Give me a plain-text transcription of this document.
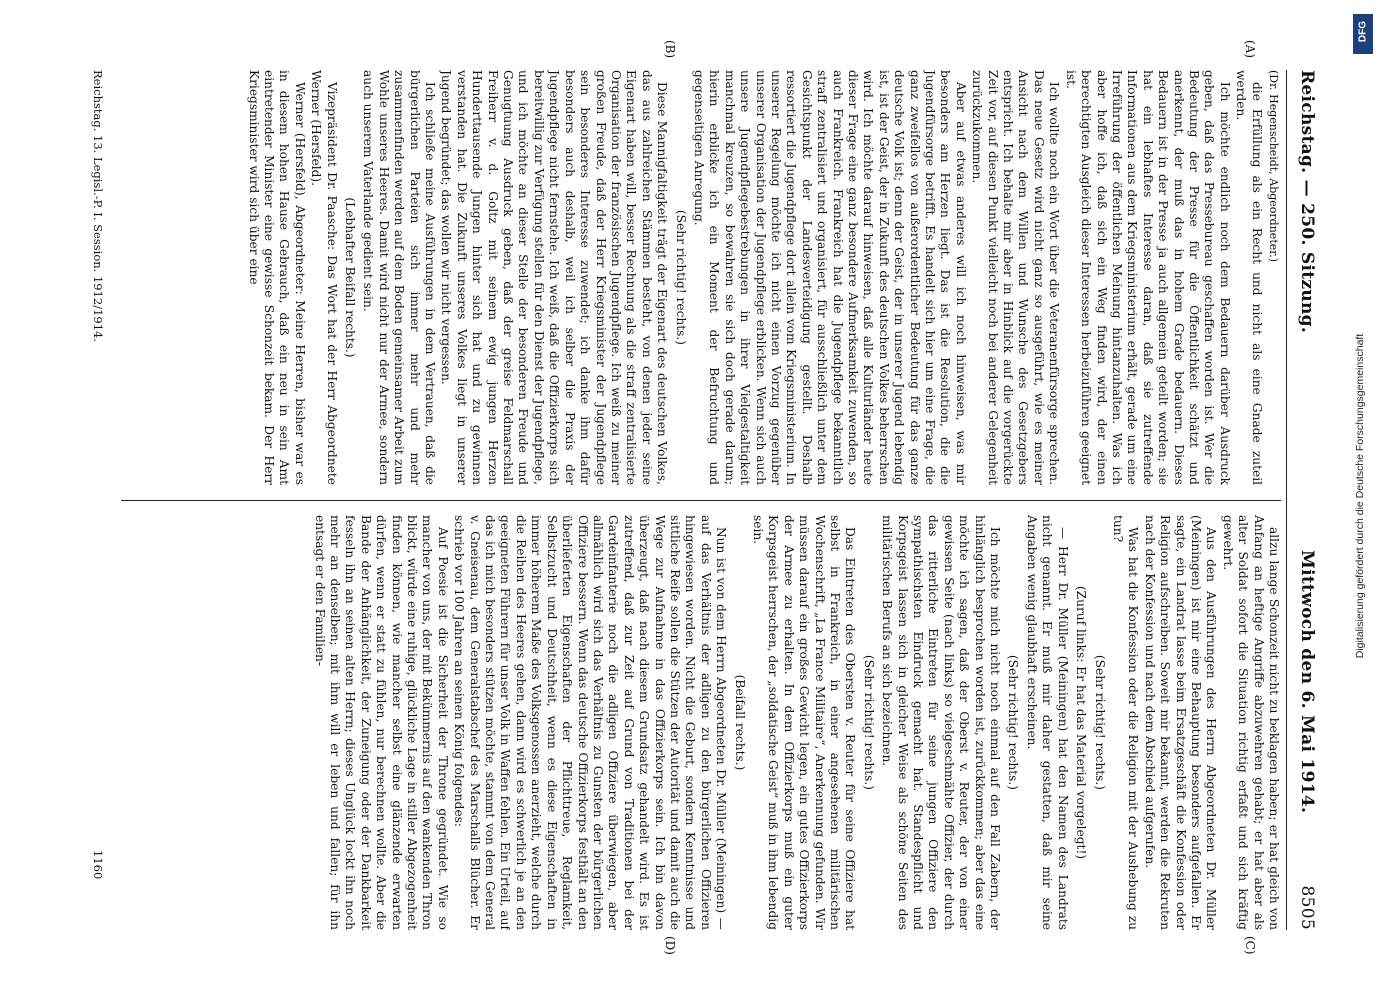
Reichstag. — 250. Sitzung.
Mittwoch den 6. Mai 1914.
8505
(A)
(B)
(C)
(D)
(Dr. Hegenscheidt, Abgeordneter.)

die Erfüllung als ein Recht und nicht als eine Gnade zuteil werden.

Ich möchte endlich noch dem Bedauern darüber Ausdruck geben, daß das Pressebureau geschaffen worden ist. Wer die Bedeutung der Presse für die Öffentlichkeit schätzt und anerkennt, der muß das in hohem Grade bedauern. Dieses Bedauern ist in der Presse ja auch allgemein geteilt worden; sie hat ein lebhaftes Interesse daran, daß sie zutreffende Informationen aus dem Kriegsministerium erhält, gerade um eine Irreführung der öffentlichen Meinung hintanzuhalten. Was ich aber hoffe ich, daß sich ein Weg finden wird, der einen berechtigten Ausgleich dieser Interessen herbeizuführen geeignet ist.

Ich wollte noch ein Wort über die Veteranenfürsorge sprechen. Das neue Gesetz wird nicht ganz so ausgeführt, wie es meiner Ansicht nach dem Willen und Wunsche des Gesetzgebers entspricht. Ich behalte mir aber in Hinblick auf die vorgerückte Zeit vor, auf diesen Punkt vielleicht noch bei anderer Gelegenheit zurückzukommen.

Aber auf etwas anderes will ich noch hinweisen, was mir besonders am Herzen liegt. Das ist die Resolution, die die Jugendfürsorge betrifft. Es handelt sich hier um eine Frage, die ganz zweifellos von außerordentlicher Bedeutung für das ganze deutsche Volk ist; denn der Geist, der in unserer Jugend lebendig ist, ist der Geist, der in Zukunft des deutschen Volkes beherrschen wird. Ich möchte darauf hinweisen, daß alle Kulturländer heute dieser Frage eine ganz besondere Aufmerksamkeit zuwenden, so auch Frankreich. Frankreich hat die Jugendpflege bekanntlich straff zentralisiert und organisiert, für ausschließlich unter dem Gesichtspunkt der Landesverteidigung gestellt. Deshalb ressortiert die Jugendpflege dort allein vom Kriegsministerium. In unserer Regelung möchte ich nicht einen Vorzug gegenüber unserer Organisation der Jugendpflege erblicken. Wenn sich auch unsere Jugendpflegebestrebungen in ihrer Vielgestaltigkeit manchmal kreuzen, so bewahren sie sich doch gerade darum; hierin erblicke ich ein Moment der Befruchtung und gegenseitigen Anregung.

(Sehr richtig! rechts.)

Diese Mannigfaltigkeit trägt der Eigenart des deutschen Volkes, das aus zahlreichen Stämmen besteht, von denen jeder seine Eigenart haben will, besser Rechnung als die straff zentralisierte Organisation der französischen Jugendpflege. Ich weiß zu meiner großen Freude, daß der Herr Kriegsminister der Jugendpflege sein besonderes Interesse zuwendet; ich danke ihm dafür besonders auch deshalb, weil ich selber die Praxis der Jugendpflege nicht fernstehe. Ich weiß, daß die Offizierkorps sich bereitwillig zur Verfügung stellen für den Dienst der Jugendpflege, und ich möchte an dieser Stelle der besonderen Freude und Genugtuung Ausdruck geben, daß der greise Feldmarschall Freiherr v. d. Goltz mit seinem ewig jungen Herzen Hunderttausende Jungen hinter sich hat und zu gewinnen verstanden hat. Die Zukunft unseres Volkes liegt in unserer Jugend begründet; das wollen wir nicht vergessen.

Ich schließe meine Ausführungen in dem Vertrauen, daß die bürgerlichen Parteien sich immer mehr und mehr zusammenfinden werden auf dem Boden gemeinsamer Arbeit zum Wohle unseres Heeres. Damit wird nicht nur der Armee, sondern auch unserem Vaterlande gedient sein.

(Lebhafter Beifall rechts.)

Vizepräsident Dr. Paasche: Das Wort hat der Herr Abgeordnete Werner (Hersfeld).

Werner (Hersfeld), Abgeordneter: Meine Herren, bisher war es in diesem hohen Hause Gebrauch, daß ein neu in sein Amt eintretender Minister eine gewisse Schonzeit bekam. Der Herr Kriegsminister wird sich über eine

allzu lange Schonzeit nicht zu beklagen haben; er hat gleich von Anfang an heftige Angriffe abzuwehren gehabt; er hat aber als alter Soldat sofort die Situation richtig erfaßt und sich kräftig gewehrt.

Aus den Ausführungen des Herrn Abgeordneten Dr. Müller (Meiningen) ist mir eine Behauptung besonders aufgefallen. Er sagte, ein Landrat lasse beim Ersatzgeschäft die Konfession oder Religion aufschreiben. Soweit mir bekannt, werden die Rekruten nach der Konfession und nach dem Abschied aufgerufen.

Was hat die Konfession oder die Religion mit der Aushebung zu tun?

(Sehr richtig! rechts.)

(Zuruf links: Er hat das Material vorgelegt!)

— Herr Dr. Müller (Meiningen) hat den Namen des Landrats nicht genannt. Er muß mir daher gestatten, daß mir seine Angaben wenig glaubhaft erscheinen.

(Sehr richtig! rechts.)

Ich möchte mich nicht noch einmal auf den Fall Zabern, der hinlänglich besprochen worden ist, zurückkommen; aber das eine möchte ich sagen, daß der Oberst v. Reuter, der von einer gewissen Seite (nach links) so vielgeschmähte Offizier, der durch das ritterliche Eintreten für seine jungen Offiziere den sympathischsten Eindruck gemacht hat. Standespflicht und Korpsgeist lassen sich in gleicher Weise als schöne Seiten des militärischen Berufs an sich bezeichnen.

(Sehr richtig! rechts.)

Das Eintreten des Obersten v. Reuter für seine Offiziere hat selbst in Frankreich, in einer angesehenen militärischen Wochenschrift, „La France Militaire“, Anerkennung gefunden. Wir müssen darauf ein großes Gewicht legen, ein gutes Offizierkorps der Armee zu erhalten. In dem Offizierkorps muß ein guter Korpsgeist herrschen, der „soldatische Geist“ muß in ihm lebendig sein.

(Beifall rechts.)

Nun ist von dem Herrn Abgeordneten Dr. Müller (Meiningen) — auf das Verhältnis der adligen zu den bürgerlichen Offizieren hingewiesen worden. Nicht die Geburt, sondern Kenntnisse und sittliche Reife sollen die Stützen der Autorität und damit auch die Wege zur Aufnahme in das Offizierkorps sein. Ich bin davon überzeugt, daß nach diesem Grundsatz gehandelt wird. Es ist zutreffend, daß zur Zeit auf Grund von Traditionen bei der Gardeinfanterie noch die adligen Offiziere überwiegen, aber allmählich wird sich das Verhältnis zu Gunsten der bürgerlichen Offiziere bessern. Wenn das deutsche Offizierkorps festhält an den überlieferten Eigenschaften der Pflichttreue, Reglamkeit, Selbstzucht und Deutschheit, wenn es diese Eigenschaften in immer höherem Maße des Volksgenossen anerzieht, welche durch die Reihen des Heeres gehen, dann wird es schwerlich je an den geeigneten Führern für unser Volk in Waffen fehlen. Ein Urteil, auf das ich mich besonders stützen möchte, stammt von dem General v. Gneisenau, dem Generalstabschef des Marschalls Blücher. Er schrieb vor 100 Jahren an seinen König folgendes:

Auf Poesie ist die Sicherheit der Throne gegründet. Wie so mancher von uns, der mit Bekümmernis auf den wankenden Thron blickt, würde eine ruhige, glückliche Lage in stiller Abgezogenheit finden können, wie mancher selbst eine glänzende erwarten dürfen, wenn er statt zu fühlen, nur berechnen wollte. Aber die Bande der Anhänglichkeit, der Zuneigung oder der Dankbarkeit fesseln ihn an seinen alten Herrn; dieses Unglück lockt ihn noch mehr an denselben; mit ihm will er leben und fallen; für ihn entsagt er den Familien-

Reichstag. 13. Legisl.-P. I. Session. 1912/1914.
1160
DFG
Digitalisierung gefördert durch die Deutsche Forschungsgemeinschaft
